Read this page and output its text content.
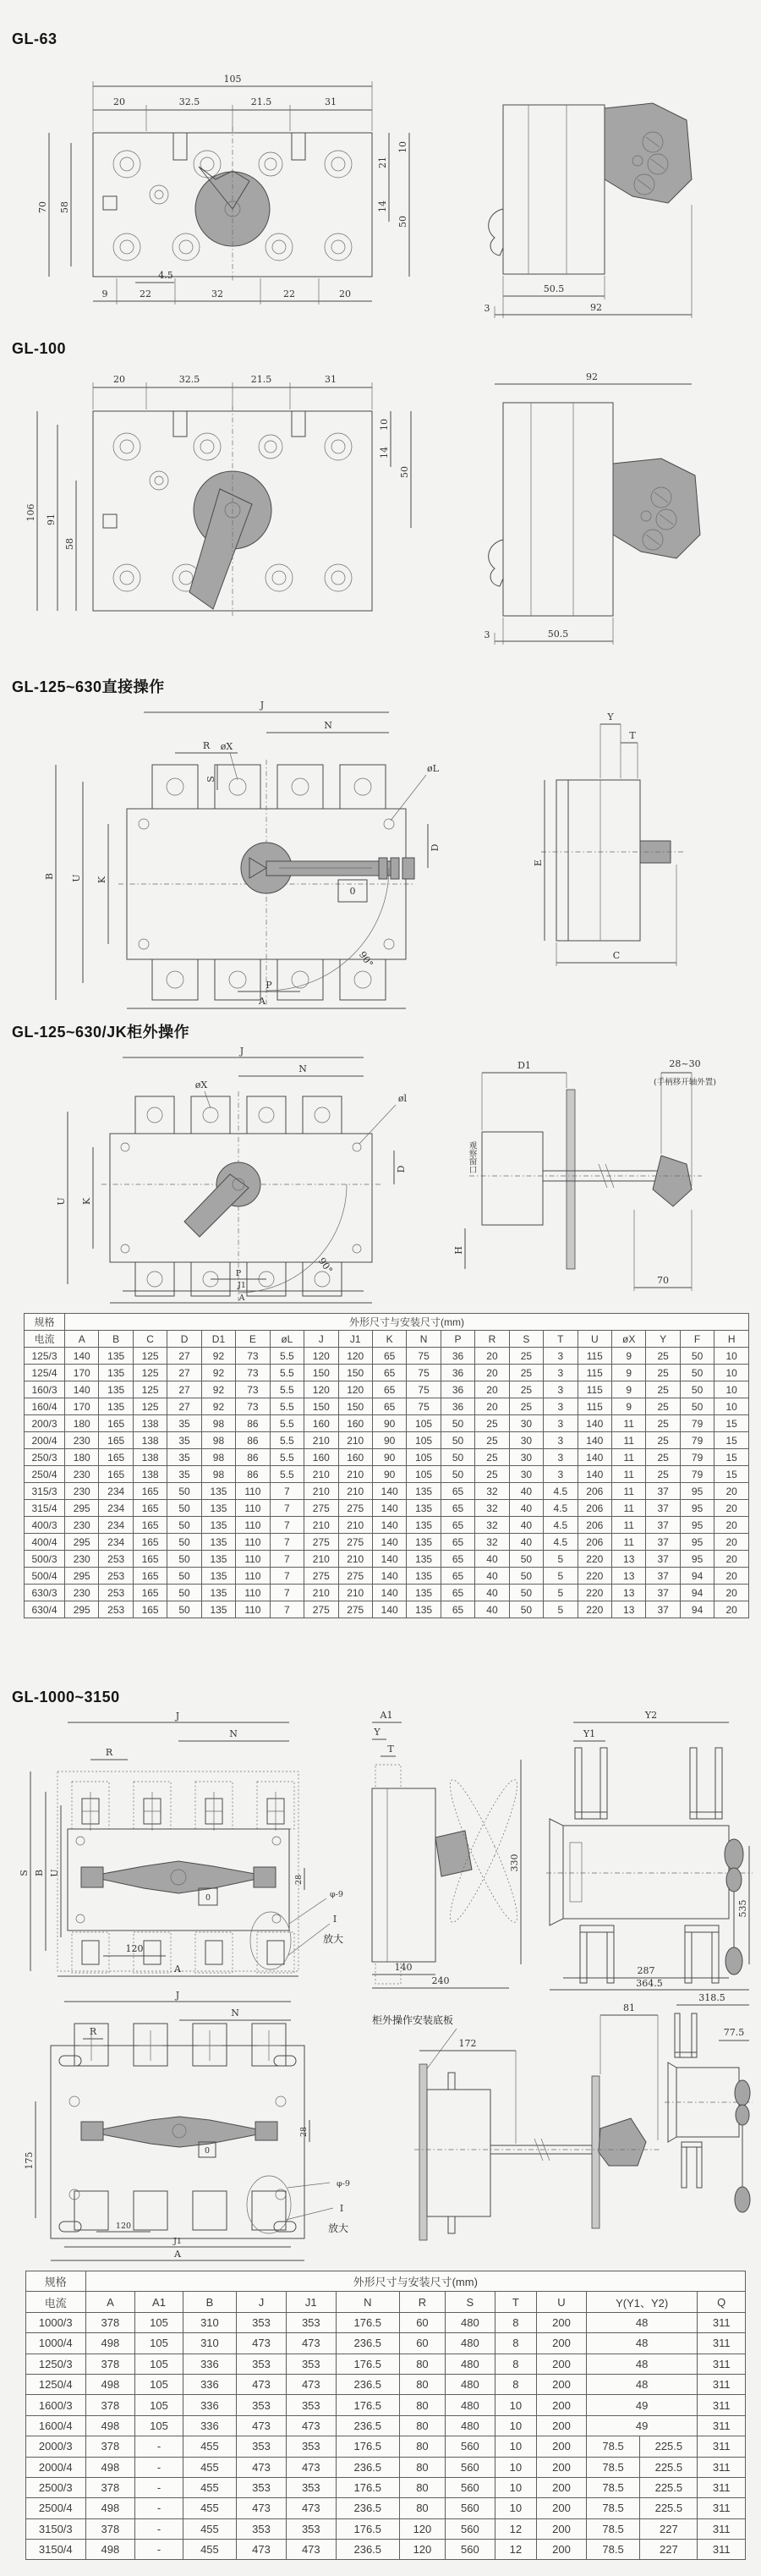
GL-63
105
20	32.5	21.5	31
70 58
21
10
14
50
4.5
9	22	32	22	20	50.5
3	92
GL-100
20	32.5	21.5	31
106 91
58
10
14
50
92
3	50.5
GL-125~630直接操作
0
90°
J
N
R øX
S
øL
D
B U K
P
A
Y
T
E
C
GL-125~630/JK柜外操作
90°
J
N
øX
øl
D
U K
P
J1
A
D1	28~30
(手柄移开轴外置)
观察窗口
70
H
规格	外形尺寸与安装尺寸(mm)																			
电流	A	B	C	D	D1	E	øL	J	J1	K	N	P	R	S	T	U	øX	Y	F	H
125/3	140	135	125	27	92	73	5.5	120	120	65	75	36	20	25	3	115	9	25	50	10
125/4	170	135	125	27	92	73	5.5	150	150	65	75	36	20	25	3	115	9	25	50	10
160/3	140	135	125	27	92	73	5.5	120	120	65	75	36	20	25	3	115	9	25	50	10
160/4	170	135	125	27	92	73	5.5	150	150	65	75	36	20	25	3	115	9	25	50	10
200/3	180	165	138	35	98	86	5.5	160	160	90	105	50	25	30	3	140	11	25	79	15
200/4	230	165	138	35	98	86	5.5	210	210	90	105	50	25	30	3	140	11	25	79	15
250/3	180	165	138	35	98	86	5.5	160	160	90	105	50	25	30	3	140	11	25	79	15
250/4	230	165	138	35	98	86	5.5	210	210	90	105	50	25	30	3	140	11	25	79	15
315/3	230	234	165	50	135	110	7	210	210	140	135	65	32	40	4.5	206	11	37	95	20
315/4	295	234	165	50	135	110	7	275	275	140	135	65	32	40	4.5	206	11	37	95	20
400/3	230	234	165	50	135	110	7	210	210	140	135	65	32	40	4.5	206	11	37	95	20
400/4	295	234	165	50	135	110	7	275	275	140	135	65	32	40	4.5	206	11	37	95	20
500/3	230	253	165	50	135	110	7	210	210	140	135	65	40	50	5	220	13	37	95	20
500/4	295	253	165	50	135	110	7	275	275	140	135	65	40	50	5	220	13	37	94	20
630/3	230	253	165	50	135	110	7	210	210	140	135	65	40	50	5	220	13	37	94	20
630/4	295	253	165	50	135	110	7	275	275	140	135	65	40	50	5	220	13	37	94	20
GL-1000~3150
0
J
N
R
S B U
28
φ-9
I
放大
120
A
A1
Y
T
330
140
240
Y2
Y1
535
287
364.5
0
J
N
R
175
28
φ-9
I
放大
120
J1
A
柜外操作安装底板
172
81
318.5
77.5
规格	外形尺寸与安装尺寸(mm)												
电流	A	A1	B	J	J1	N	R	S	T	U	Y(Y1、Y2)		Q
1000/3	378	105	310	353	353	176.5	60	480	8	200	48		311
1000/4	498	105	310	473	473	236.5	60	480	8	200	48		311
1250/3	378	105	336	353	353	176.5	80	480	8	200	48		311
1250/4	498	105	336	473	473	236.5	80	480	8	200	48		311
1600/3	378	105	336	353	353	176.5	80	480	10	200	49		311
1600/4	498	105	336	473	473	236.5	80	480	10	200	49		311
2000/3	378	-	455	353	353	176.5	80	560	10	200	78.5	225.5	311
2000/4	498	-	455	473	473	236.5	80	560	10	200	78.5	225.5	311
2500/3	378	-	455	353	353	176.5	80	560	10	200	78.5	225.5	311
2500/4	498	-	455	473	473	236.5	80	560	10	200	78.5	225.5	311
3150/3	378	-	455	353	353	176.5	120	560	12	200	78.5	227	311
3150/4	498	-	455	473	473	236.5	120	560	12	200	78.5	227	311
